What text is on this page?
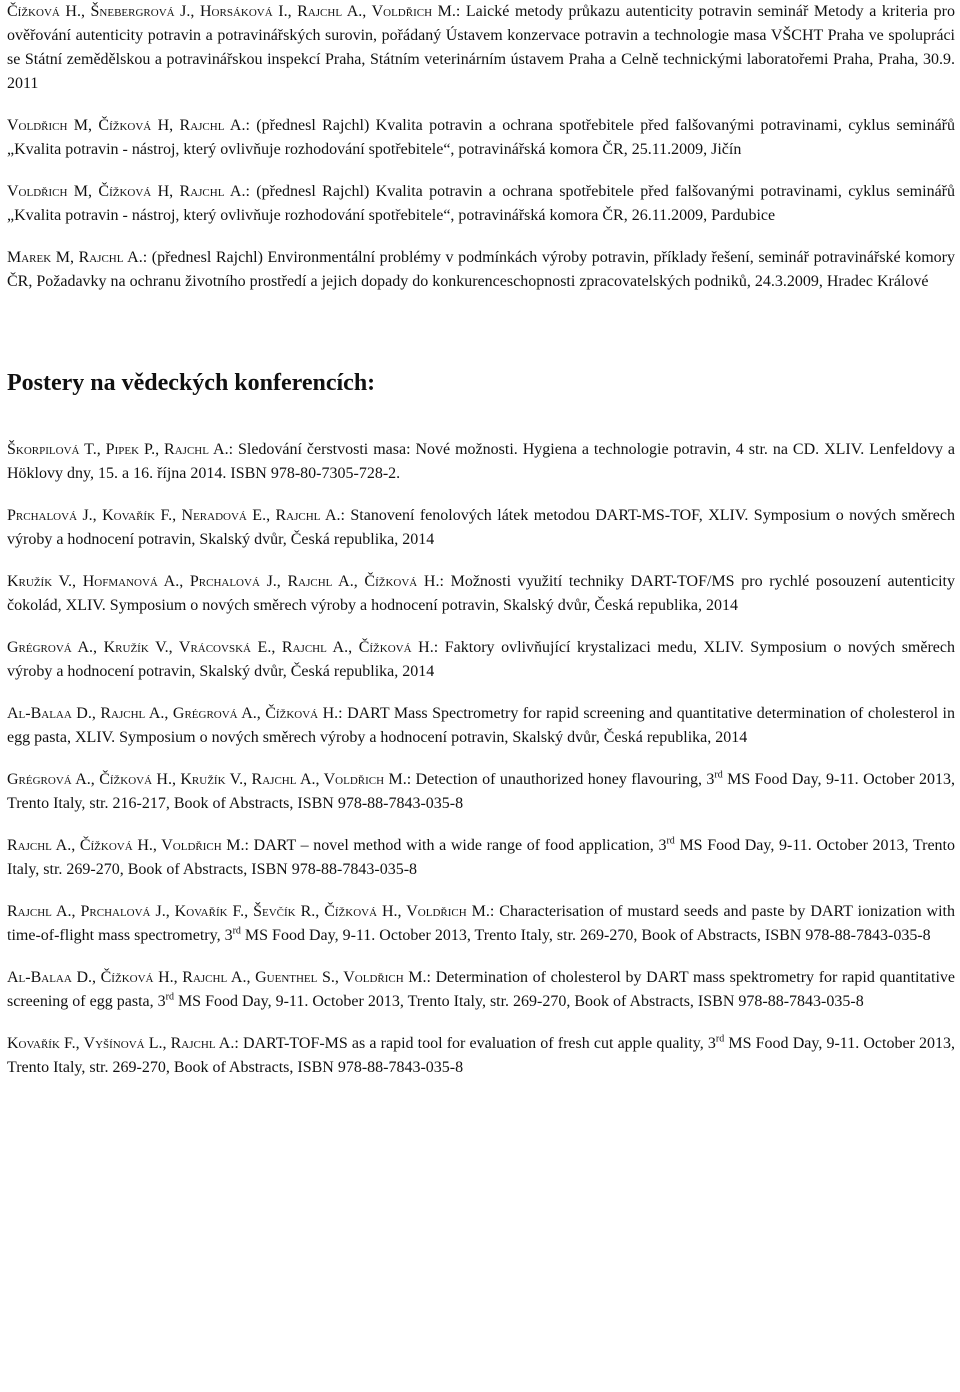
Čížková H., Šnebergrová J., Horsáková I., Rajchl A., Voldřich M.: Laické metody průkazu autenticity potravin seminář Metody a kriteria pro ověřování autenticity potravin a potravinářských surovin, pořádaný Ústavem konzervace potravin a technologie masa VŠCHT Praha ve spolupráci se Státní zemědělskou a potravinářskou inspekcí Praha, Státním veterinárním ústavem Praha a Celně technickými laboratořemi Praha, Praha, 30.9. 2011

Voldřich M, Čížková H, Rajchl A.: (přednesl Rajchl) Kvalita potravin a ochrana spotřebitele před falšovanými potravinami, cyklus seminářů „Kvalita potravin - nástroj, který ovlivňuje rozhodování spotřebitele“, potravinářská komora ČR, 25.11.2009, Jičín

Voldřich M, Čížková H, Rajchl A.: (přednesl Rajchl) Kvalita potravin a ochrana spotřebitele před falšovanými potravinami, cyklus seminářů „Kvalita potravin - nástroj, který ovlivňuje rozhodování spotřebitele“, potravinářská komora ČR, 26.11.2009, Pardubice

Marek M, Rajchl A.: (přednesl Rajchl) Environmentální problémy v podmínkách výroby potravin, příklady řešení, seminář potravinářské komory ČR, Požadavky na ochranu životního prostředí a jejich dopady do konkurenceschopnosti zpracovatelských podniků, 24.3.2009, Hradec Králové

Postery na vědeckých konferencích:

Škorpilová T., Pipek P., Rajchl A.: Sledování čerstvosti masa: Nové možnosti. Hygiena a technologie potravin, 4 str. na CD. XLIV. Lenfeldovy a Höklovy dny, 15. a 16. října 2014. ISBN 978-80-7305-728-2.

Prchalová J., Kovařík F., Neradová E., Rajchl A.: Stanovení fenolových látek metodou DART-MS-TOF, XLIV. Symposium o nových směrech výroby a hodnocení potravin, Skalský dvůr, Česká republika, 2014

Kružík V., Hofmanová A., Prchalová J., Rajchl A., Čížková H.: Možnosti využití techniky DART-TOF/MS pro rychlé posouzení autenticity čokolád, XLIV. Symposium o nových směrech výroby a hodnocení potravin, Skalský dvůr, Česká republika, 2014

Grégrová A., Kružík V., Vrácovská E., Rajchl A., Čížková H.: Faktory ovlivňující krystalizaci medu, XLIV. Symposium o nových směrech výroby a hodnocení potravin, Skalský dvůr, Česká republika, 2014

Al-Balaa D., Rajchl A., Grégrová A., Čížková H.: DART Mass Spectrometry for rapid screening and quantitative determination of cholesterol in egg pasta, XLIV. Symposium o nových směrech výroby a hodnocení potravin, Skalský dvůr, Česká republika, 2014

Grégrová A., Čížková H., Kružík V., Rajchl A., Voldřich M.: Detection of unauthorized honey flavouring, 3rd MS Food Day, 9-11. October 2013, Trento Italy, str. 216-217, Book of Abstracts, ISBN 978-88-7843-035-8

Rajchl A., Čížková H., Voldřich M.: DART – novel method with a wide range of food application, 3rd MS Food Day, 9-11. October 2013, Trento Italy, str. 269-270, Book of Abstracts, ISBN 978-88-7843-035-8

Rajchl A., Prchalová J., Kovařík F., Ševčík R., Čížková H., Voldřich M.: Characterisation of mustard seeds and paste by DART ionization with time-of-flight mass spectrometry, 3rd MS Food Day, 9-11. October 2013, Trento Italy, str. 269-270, Book of Abstracts, ISBN 978-88-7843-035-8

Al-Balaa D., Čížková H., Rajchl A., Guenthel S., Voldřich M.: Determination of cholesterol by DART mass spektrometry for rapid quantitative screening of egg pasta, 3rd MS Food Day, 9-11. October 2013, Trento Italy, str. 269-270, Book of Abstracts, ISBN 978-88-7843-035-8

Kovařík F., Vyšínová L., Rajchl A.: DART-TOF-MS as a rapid tool for evaluation of fresh cut apple quality, 3rd MS Food Day, 9-11. October 2013, Trento Italy, str. 269-270, Book of Abstracts, ISBN 978-88-7843-035-8
